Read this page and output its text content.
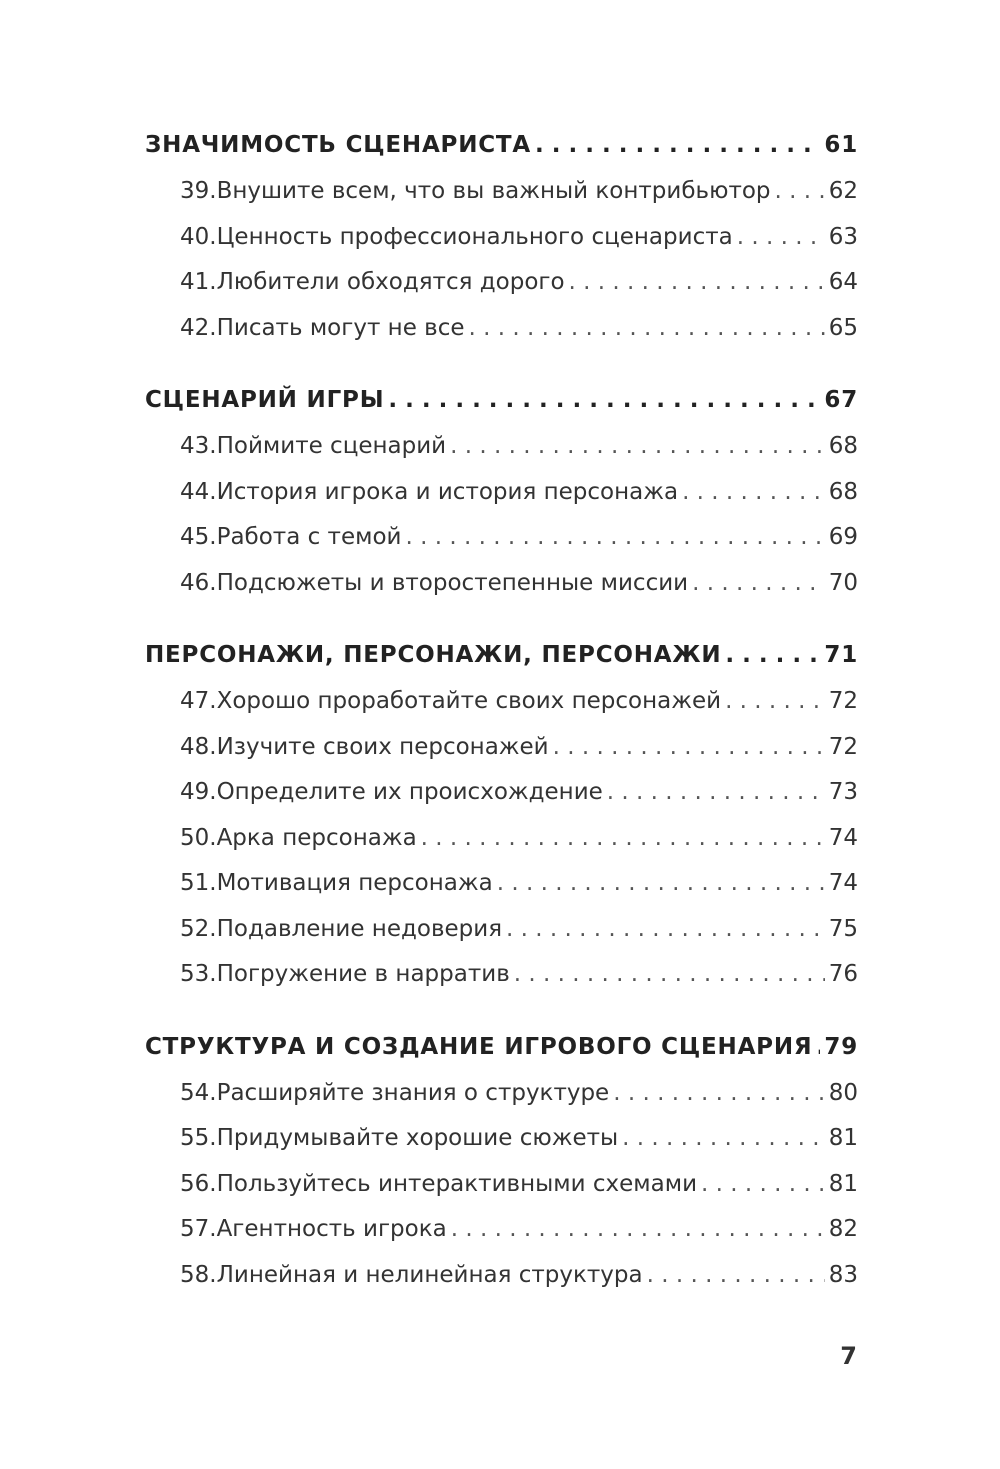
ЗНАЧИМОСТЬ СЦЕНАРИСТА . . .	61
39. Внушите всем, что вы важный контрибьютор . . .	62
40. Ценность профессионального сценариста . . .	63
41. Любители обходятся дорого . . .	64
42. Писать могут не все . . .	65
СЦЕНАРИЙ ИГРЫ . . .	67
43. Поймите сценарий . . .	68
44. История игрока и история персонажа . . .	68
45. Работа с темой . . .	69
46. Подсюжеты и второстепенные миссии . . .	70
ПЕРСОНАЖИ, ПЕРСОНАЖИ, ПЕРСОНАЖИ . . .	71
47. Хорошо проработайте своих персонажей . . .	72
48. Изучите своих персонажей . . .	72
49. Определите их происхождение . . .	73
50. Арка персонажа . . .	74
51. Мотивация персонажа . . .	74
52. Подавление недоверия . . .	75
53. Погружение в нарратив . . .	76
СТРУКТУРА И СОЗДАНИЕ ИГРОВОГО СЦЕНАРИЯ . . . 79
54. Расширяйте знания о структуре . . .	80
55. Придумывайте хорошие сюжеты . . .	81
56. Пользуйтесь интерактивными схемами . . .	81
57. Агентность игрока . . .	82
58. Линейная и нелинейная структура . . .	83
7
